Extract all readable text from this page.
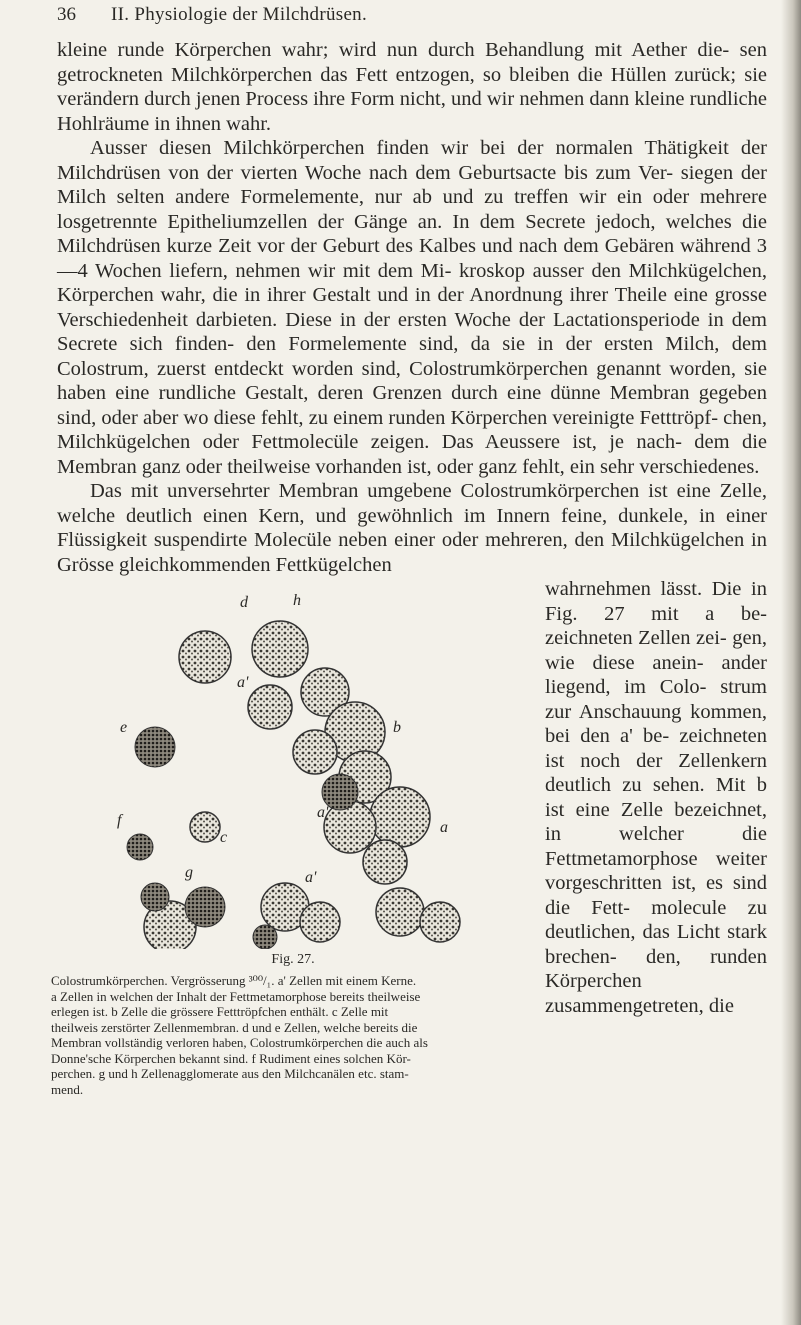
36 II. Physiologie der Milchdrüsen.

kleine runde Körperchen wahr; wird nun durch Behandlung mit Aether die- sen getrockneten Milchkörperchen das Fett entzogen, so bleiben die Hüllen zurück; sie verändern durch jenen Process ihre Form nicht, und wir nehmen dann kleine rundliche Hohlräume in ihnen wahr.

Ausser diesen Milchkörperchen finden wir bei der normalen Thätigkeit der Milchdrüsen von der vierten Woche nach dem Geburtsacte bis zum Ver- siegen der Milch selten andere Formelemente, nur ab und zu treffen wir ein oder mehrere losgetrennte Epitheliumzellen der Gänge an. In dem Secrete jedoch, welches die Milchdrüsen kurze Zeit vor der Geburt des Kalbes und nach dem Gebären während 3—4 Wochen liefern, nehmen wir mit dem Mi- kroskop ausser den Milchkügelchen, Körperchen wahr, die in ihrer Gestalt und in der Anordnung ihrer Theile eine grosse Verschiedenheit darbieten. Diese in der ersten Woche der Lactationsperiode in dem Secrete sich finden- den Formelemente sind, da sie in der ersten Milch, dem Colostrum, zuerst entdeckt worden sind, Colostrumkörperchen genannt worden, sie haben eine rundliche Gestalt, deren Grenzen durch eine dünne Membran gegeben sind, oder aber wo diese fehlt, zu einem runden Körperchen vereinigte Fetttröpf- chen, Milchkügelchen oder Fettmolecüle zeigen. Das Aeussere ist, je nach- dem die Membran ganz oder theilweise vorhanden ist, oder ganz fehlt, ein sehr verschiedenes.

Das mit unversehrter Membran umgebene Colostrumkörperchen ist eine Zelle, welche deutlich einen Kern, und gewöhnlich im Innern feine, dunkele, in einer Flüssigkeit suspendirte Molecüle neben einer oder mehreren, den Milchkügelchen in Grösse gleichkommenden Fettkügelchen

d	h
e
a'
b
f
c
a'
a
g	a'
Fig. 27.
Colostrumkörperchen. Vergrösserung ³⁰⁰/₁. a' Zellen mit einem Kerne.
a Zellen in welchen der Inhalt der Fettmetamorphose bereits theilweise
erlegen ist. b Zelle die grössere Fetttröpfchen enthält. c Zelle mit
theilweis zerstörter Zellenmembran. d und e Zellen, welche bereits die
Membran vollständig verloren haben, Colostrumkörperchen die auch als
Donne'sche Körperchen bekannt sind. f Rudiment eines solchen Kör-
perchen. g und h Zellenagglomerate aus den Milchcanälen etc. stam-
mend.

wahrnehmen lässt. Die in Fig. 27 mit a be- zeichneten Zellen zei- gen, wie diese anein- ander liegend, im Colo- strum zur Anschauung kommen, bei den a' be- zeichneten ist noch der Zellenkern deutlich zu sehen. Mit b ist eine Zelle bezeichnet, in welcher die Fettmetamorphose weiter vorgeschritten ist, es sind die Fett- molecule zu deutlichen, das Licht stark brechen- den, runden Körperchen zusammengetreten, die
